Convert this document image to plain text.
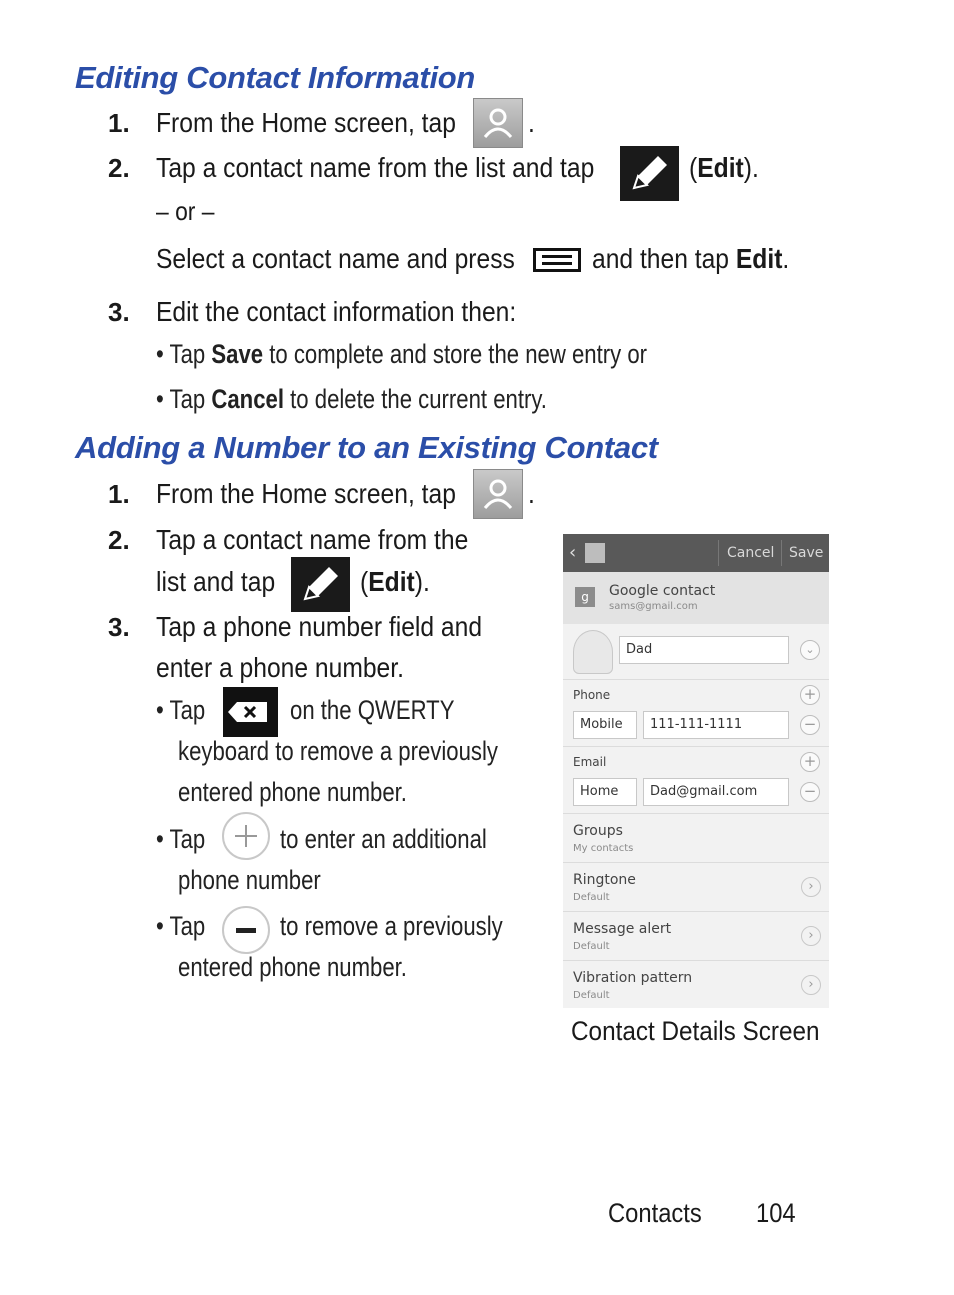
Editing Contact Information
1. From the Home screen, tap	.
2. Tap a contact name from the list and tap	(Edit).
– or –
Select a contact name and press	and then tap Edit.
3. Edit the contact information then:
• Tap Save to complete and store the new entry or
• Tap Cancel to delete the current entry.
Adding a Number to an Existing Contact
1. From the Home screen, tap	.
2. Tap a contact name from the
list and tap	(Edit).
3. Tap a phone number field and
enter a phone number.
• Tap	on the QWERTY
keyboard to remove a previously
entered phone number.
• Tap	to enter an additional
phone number
• Tap	to remove a previously
entered phone number.
‹	Cancel Save
g	Google contact
sams@gmail.com
Dad	⌄
Phone	+
Mobile	111-111-1111	−
Email	+
Home	Dad@gmail.com	−
Groups
My contacts
Ringtone
Default
›
Message alert
Default
›
Vibration pattern
Default
›
Contact Details Screen
Contacts 104
